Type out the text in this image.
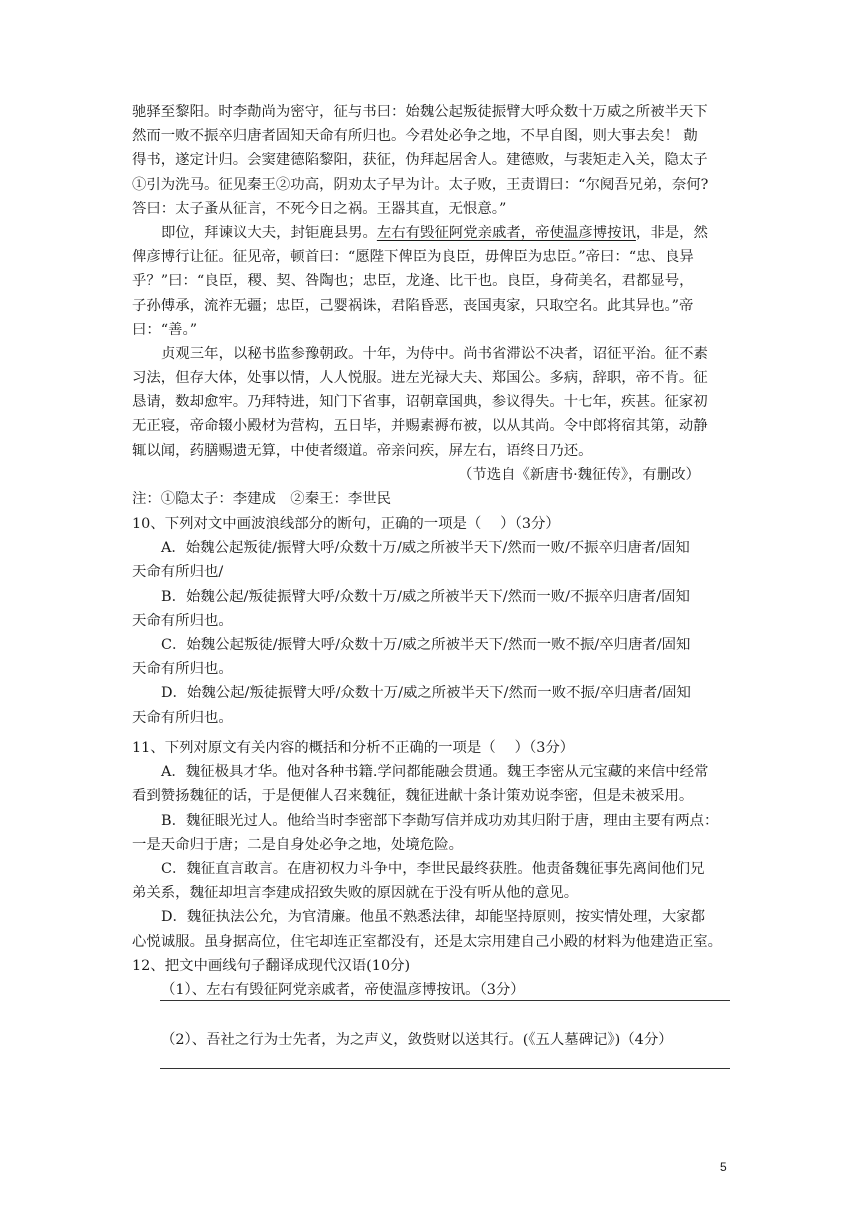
驰驿至黎阳。时李勣尚为密守，征与书曰：始魏公起叛徒振臂大呼众数十万威之所被半天下
然而一败不振卒归唐者固知天命有所归也。今君处必争之地，不早自图，则大事去矣！ 勣
得书，遂定计归。会窦建德陷黎阳，获征，伪拜起居舍人。建德败，与裴矩走入关，隐太子
①引为洗马。征见秦王②功高，阴劝太子早为计。太子败，王责谓曰：“尔阋吾兄弟，奈何?
答曰：太子蚤从征言，不死今日之祸。王器其直，无恨意。”
即位，拜谏议大夫，封钜鹿县男。左右有毁征阿党亲戚者，帝使温彦博按讯，非是，然
俾彦博行让征。征见帝，顿首曰：“愿陛下俾臣为良臣，毋俾臣为忠臣。”帝曰：“忠、良异
乎？”曰：“良臣，稷、契、咎陶也；忠臣，龙逄、比干也。良臣，身荷美名，君都显号，
子孙傅承，流祚无疆；忠臣，己婴祸诛，君陷昏恶，丧国夷家，只取空名。此其异也。”帝
曰：“善。”
贞观三年，以秘书监参豫朝政。十年，为侍中。尚书省滞讼不决者，诏征平治。征不素
习法，但存大体，处事以情，人人悦服。进左光禄大夫、郑国公。多病，辞职，帝不肯。征
恳请，数却愈牢。乃拜特进，知门下省事，诏朝章国典，参议得失。十七年，疾甚。征家初
无正寝，帝命辍小殿材为营构，五日毕，并赐素褥布被，以从其尚。令中郎将宿其第，动静
辄以闻，药膳赐遗无算，中使者缀道。帝亲问疾，屏左右，语终日乃还。
（节选自《新唐书·魏征传》，有删改）
注：①隐太子：李建成　②秦王：李世民
10、下列对文中画波浪线部分的断句，正确的一项是（　 ）（3分）
A．始魏公起叛徒/振臂大呼/众数十万/威之所被半天下/然而一败/不振卒归唐者/固知
天命有所归也/
B．始魏公起/叛徒振臂大呼/众数十万/威之所被半天下/然而一败/不振卒归唐者/固知
天命有所归也。
C．始魏公起叛徒/振臂大呼/众数十万/威之所被半天下/然而一败不振/卒归唐者/固知
天命有所归也。
D．始魏公起/叛徒振臂大呼/众数十万/威之所被半天下/然而一败不振/卒归唐者/固知
天命有所归也。
11、下列对原文有关内容的概括和分析不正确的一项是（　 ）（3分）
A．魏征极具才华。他对各种书籍.学问都能融会贯通。魏王李密从元宝藏的来信中经常
看到赞扬魏征的话，于是便催人召来魏征，魏征进献十条计策劝说李密，但是未被采用。
B．魏征眼光过人。他给当时李密部下李勣写信并成功劝其归附于唐，理由主要有两点：
一是天命归于唐；二是自身处必争之地，处境危险。
C．魏征直言敢言。在唐初权力斗争中，李世民最终获胜。他责备魏征事先离间他们兄
弟关系，魏征却坦言李建成招致失败的原因就在于没有听从他的意见。
D．魏征执法公允，为官清廉。他虽不熟悉法律，却能坚持原则，按实情处理，大家都
心悦诚服。虽身据高位，住宅却连正室都没有，还是太宗用建自己小殿的材料为他建造正室。
12、把文中画线句子翻译成现代汉语(10分)
（1）、左右有毁征阿党亲戚者，帝使温彦博按讯。（3分）
（2）、吾社之行为士先者，为之声义，敛赀财以送其行。(《五人墓碑记》)（4分）
5
